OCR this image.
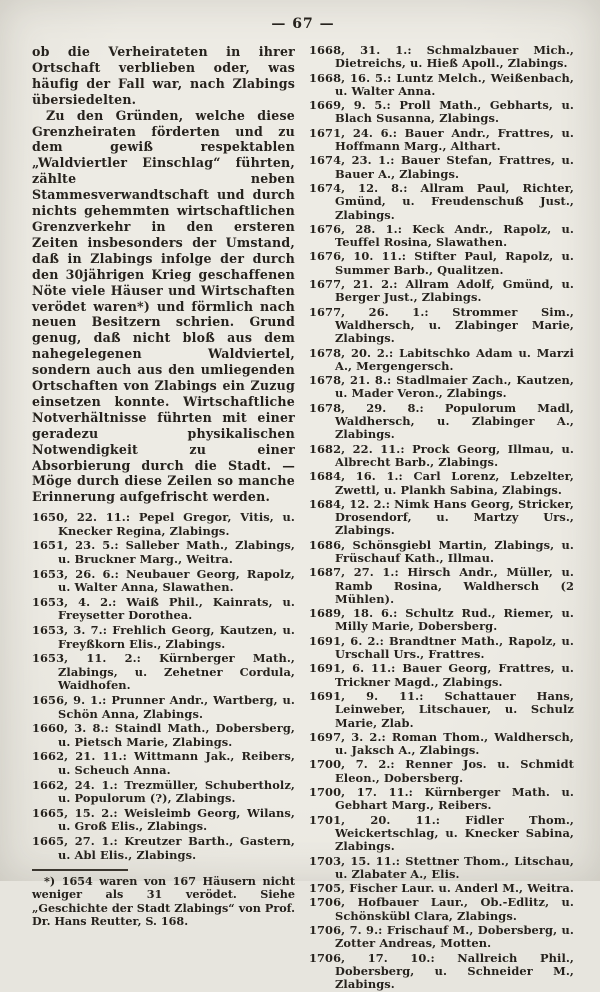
— 67 —

ob die Verheirateten in ihrer Ortschaft verblieben oder, was häufig der Fall war, nach Zlabings übersiedelten.

Zu den Gründen, welche diese Grenzheiraten förderten und zu dem gewiß respektablen „Waldviertler Einschlag“ führten, zählte neben Stammesverwandtschaft und durch nichts gehemmten wirtschaftlichen Grenzverkehr in den ersteren Zeiten insbesonders der Umstand, daß in Zlabings infolge der durch den 30jährigen Krieg geschaffenen Nöte viele Häuser und Wirtschaften verödet waren*) und förmlich nach neuen Besitzern schrien. Grund genug, daß nicht bloß aus dem nahegelegenen Waldviertel, sondern auch aus den umliegenden Ortschaften von Zlabings ein Zuzug einsetzen konnte. Wirtschaftliche Notverhältnisse führten mit einer geradezu physikalischen Notwendigkeit zu einer Absorbierung durch die Stadt. — Möge durch diese Zeilen so manche Erinnerung aufgefrischt werden.

1650, 22. 11.: Pepel Gregor, Vitis, u. Knecker Regina, Zlabings.
1651, 23. 5.: Salleber Math., Zlabings, u. Bruckner Marg., Weitra.
1653, 26. 6.: Neubauer Georg, Rapolz, u. Walter Anna, Slawathen.
1653, 4. 2.: Waiß Phil., Kainrats, u. Freysetter Dorothea.
1653, 3. 7.: Frehlich Georg, Kautzen, u. Freyßkorn Elis., Zlabings.
1653, 11. 2.: Kürnberger Math., Zlabings, u. Zehetner Cordula, Waidhofen.
1656, 9. 1.: Prunner Andr., Wartberg, u. Schön Anna, Zlabings.
1660, 3. 8.: Staindl Math., Dobersberg, u. Pietsch Marie, Zlabings.
1662, 21. 11.: Wittmann Jak., Reibers, u. Scheuch Anna.
1662, 24. 1.: Trezmüller, Schubertholz, u. Populorum (?), Zlabings.
1665, 15. 2.: Weisleimb Georg, Wilans, u. Groß Elis., Zlabings.
1665, 27. 1.: Kreutzer Barth., Gastern, u. Abl Elis., Zlabings.

*) 1654 waren von 167 Häusern nicht weniger als 31 verödet. Siehe „Geschichte der Stadt Zlabings“ von Prof. Dr. Hans Reutter, S. 168.

1668, 31. 1.: Schmalzbauer Mich., Dietreichs, u. Hieß Apoll., Zlabings.
1668, 16. 5.: Luntz Melch., Weißenbach, u. Walter Anna.
1669, 9. 5.: Proll Math., Gebharts, u. Blach Susanna, Zlabings.
1671, 24. 6.: Bauer Andr., Frattres, u. Hoffmann Marg., Althart.
1674, 23. 1.: Bauer Stefan, Frattres, u. Bauer A., Zlabings.
1674, 12. 8.: Allram Paul, Richter, Gmünd, u. Freudenschuß Just., Zlabings.
1676, 28. 1.: Keck Andr., Rapolz, u. Teuffel Rosina, Slawathen.
1676, 10. 11.: Stifter Paul, Rapolz, u. Summer Barb., Qualitzen.
1677, 21. 2.: Allram Adolf, Gmünd, u. Berger Just., Zlabings.
1677, 26. 1.: Strommer Sim., Waldhersch, u. Zlabinger Marie, Zlabings.
1678, 20. 2.: Labitschko Adam u. Marzi A., Mergengersch.
1678, 21. 8.: Stadlmaier Zach., Kautzen, u. Mader Veron., Zlabings.
1678, 29. 8.: Populorum Madl, Waldhersch, u. Zlabinger A., Zlabings.
1682, 22. 11.: Prock Georg, Illmau, u. Albrecht Barb., Zlabings.
1684, 16. 1.: Carl Lorenz, Lebzelter, Zwettl, u. Plankh Sabina, Zlabings.
1684, 12. 2.: Nimk Hans Georg, Stricker, Drosendorf, u. Martzy Urs., Zlabings.
1686, Schönsgiebl Martin, Zlabings, u. Früschauf Kath., Illmau.
1687, 27. 1.: Hirsch Andr., Müller, u. Ramb Rosina, Waldhersch (2 Mühlen).
1689, 18. 6.: Schultz Rud., Riemer, u. Milly Marie, Dobersberg.
1691, 6. 2.: Brandtner Math., Rapolz, u. Urschall Urs., Frattres.
1691, 6. 11.: Bauer Georg, Frattres, u. Trickner Magd., Zlabings.
1691, 9. 11.: Schattauer Hans, Leinweber, Litschauer, u. Schulz Marie, Zlab.
1697, 3. 2.: Roman Thom., Waldhersch, u. Jaksch A., Zlabings.
1700, 7. 2.: Renner Jos. u. Schmidt Eleon., Dobersberg.
1700, 17. 11.: Kürnberger Math. u. Gebhart Marg., Reibers.
1701, 20. 11.: Fidler Thom., Weickertschlag, u. Knecker Sabina, Zlabings.
1703, 15. 11.: Stettner Thom., Litschau, u. Zlabater A., Elis.
1705, Fischer Laur. u. Anderl M., Weitra.
1706, Hofbauer Laur., Ob.-Edlitz, u. Schönskübl Clara, Zlabings.
1706, 7. 9.: Frischauf M., Dobersberg, u. Zotter Andreas, Motten.
1706, 17. 10.: Nallreich Phil., Dobersberg, u. Schneider M., Zlabings.
